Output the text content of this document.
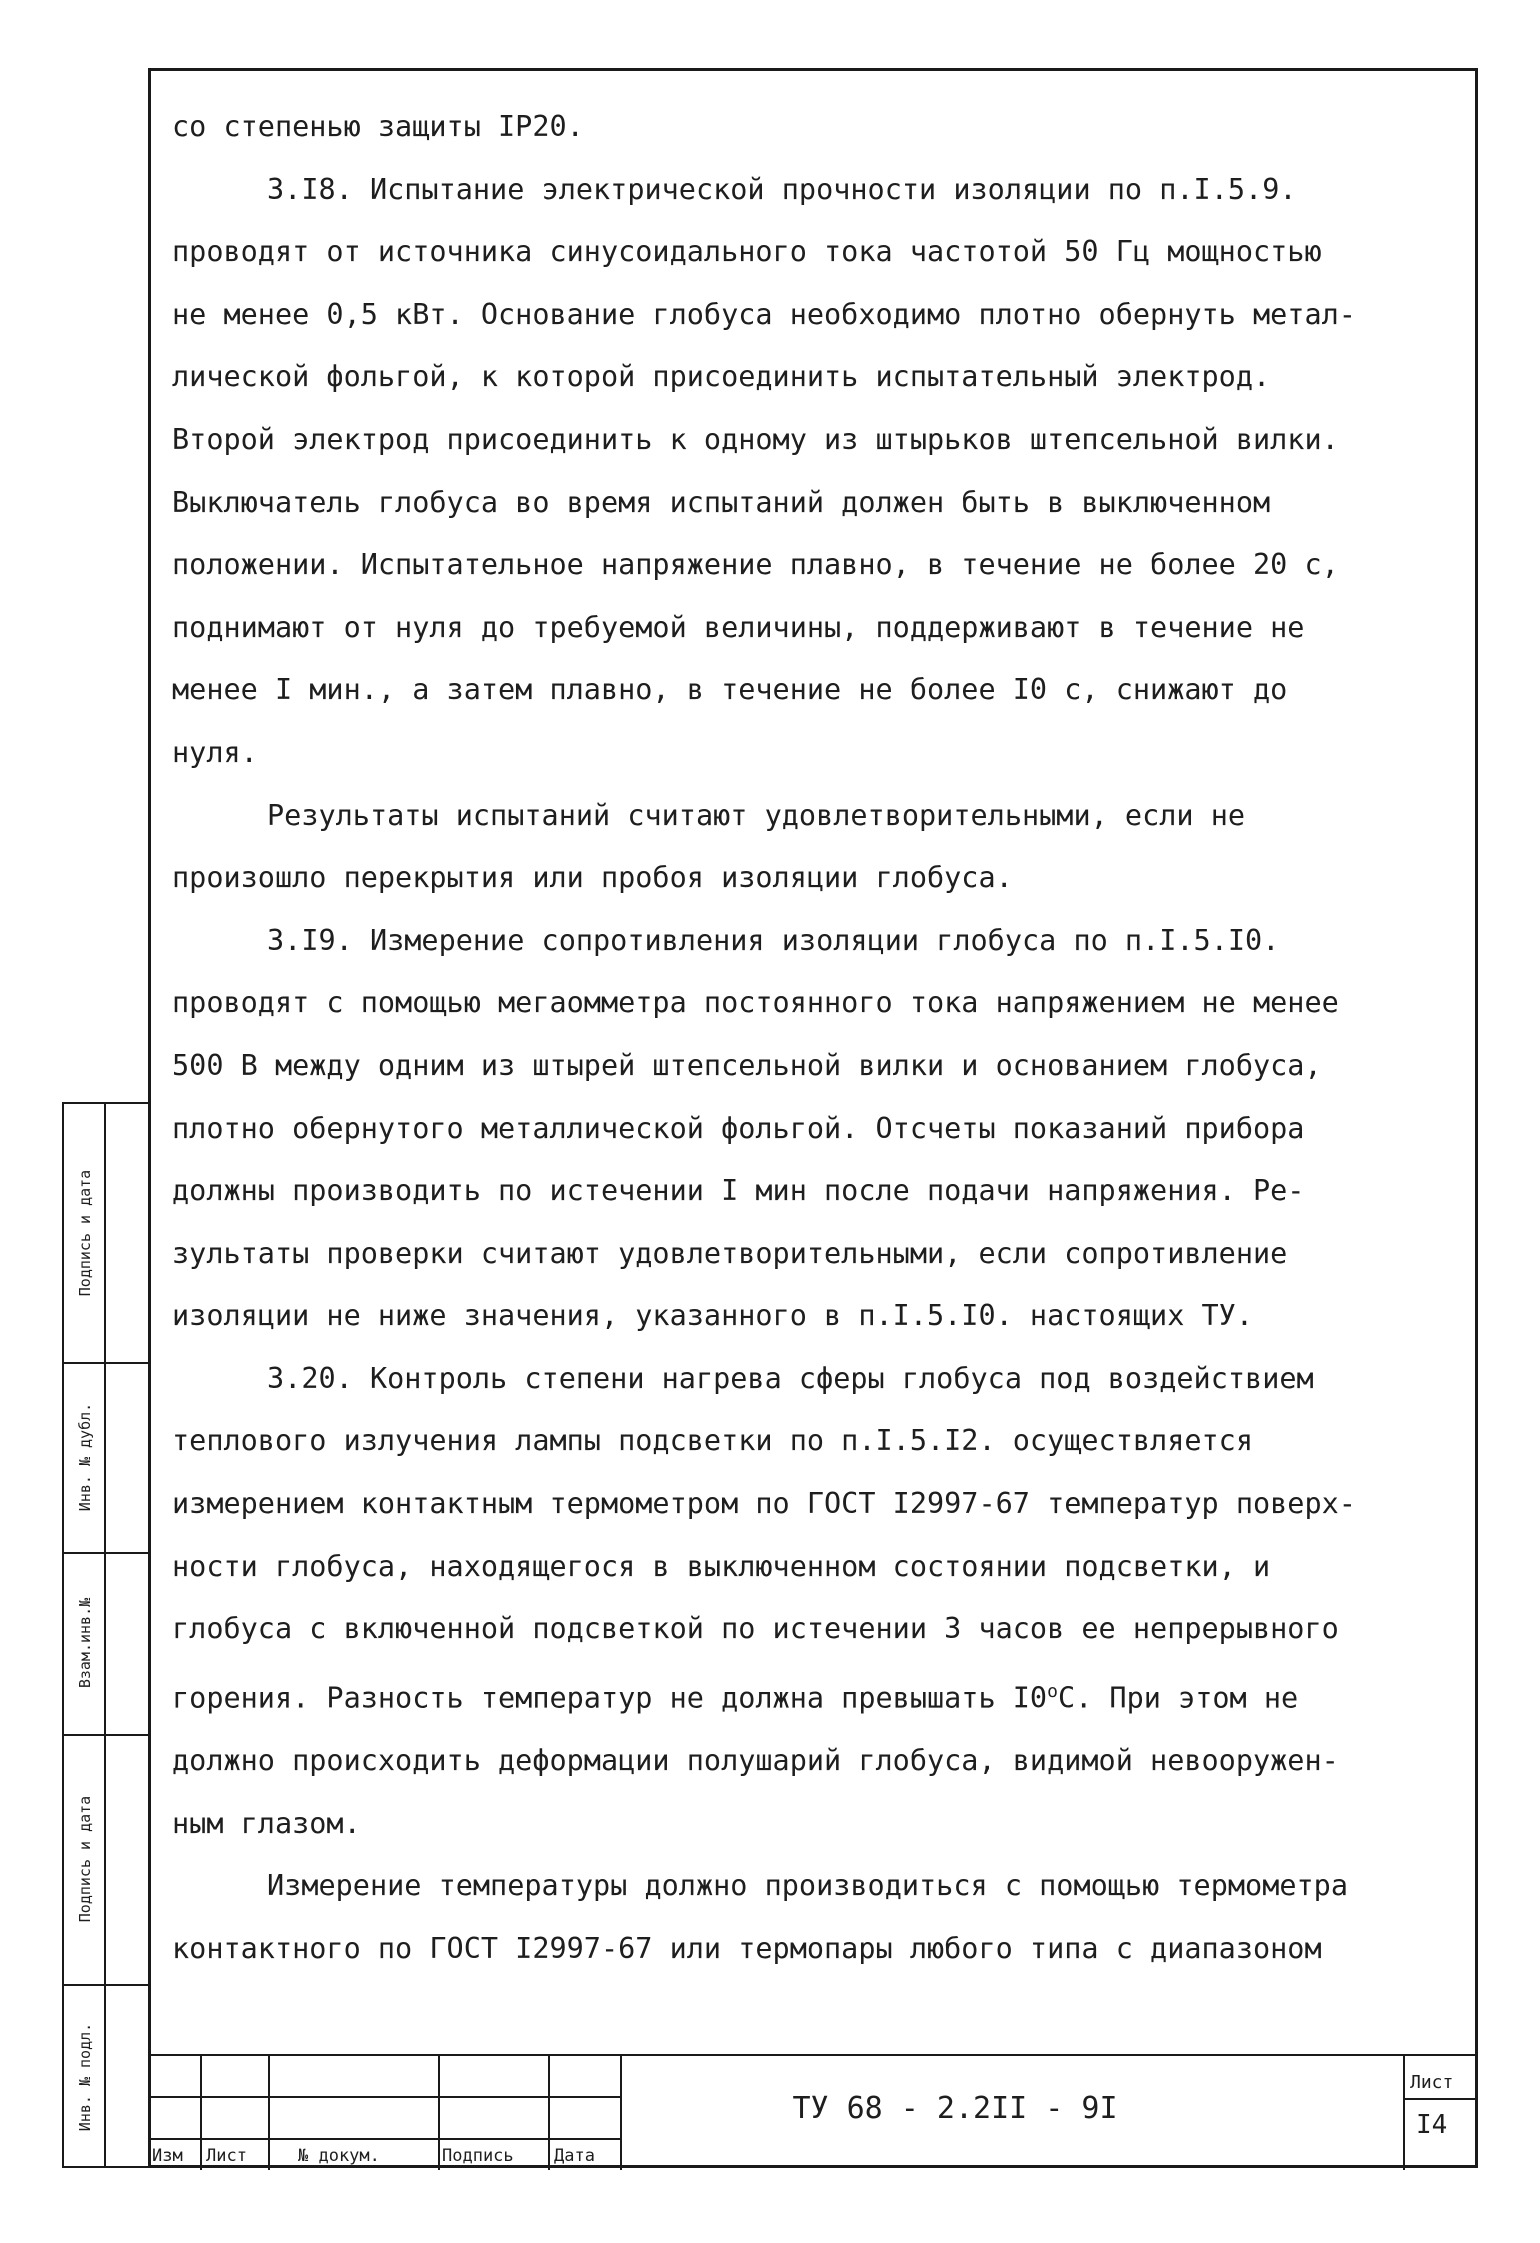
со степенью защиты IP20.
3.I8. Испытание электрической прочности изоляции по п.I.5.9.
проводят от источника синусоидального тока частотой 50 Гц мощностью
не менее 0,5 кВт. Основание глобуса необходимо плотно обернуть метал-
лической фольгой, к которой присоединить испытательный электрод.
Второй электрод присоединить к одному из штырьков штепсельной вилки.
Выключатель глобуса во время испытаний должен быть в выключенном
положении. Испытательное напряжение плавно, в течение не более 20 с,
поднимают от нуля до требуемой величины, поддерживают в течение не
менее I мин., а затем плавно, в течение не более I0 с, снижают до
нуля.
Результаты испытаний считают удовлетворительными, если не
произошло перекрытия или пробоя изоляции глобуса.
3.I9. Измерение сопротивления изоляции глобуса по п.I.5.I0.
проводят с помощью мегаомметра постоянного тока напряжением не менее
500 В между одним из штырей штепсельной вилки и основанием глобуса,
плотно обернутого металлической фольгой. Отсчеты показаний прибора
должны производить по истечении I мин после подачи напряжения. Ре-
зультаты проверки считают удовлетворительными, если сопротивление
изоляции не ниже значения, указанного в п.I.5.I0. настоящих ТУ.
3.20. Контроль степени нагрева сферы глобуса под воздействием
теплового излучения лампы подсветки по п.I.5.I2. осуществляется
измерением контактным термометром по ГОСТ I2997-67 температур поверх-
ности глобуса, находящегося в выключенном состоянии подсветки, и
глобуса с включенной подсветкой по истечении 3 часов ее непрерывного
горения. Разность температур не должна превышать $I0^оС$. При этом не
должно происходить деформации полушарий глобуса, видимой невооружен-
ным глазом.
Измерение температуры должно производиться с помощью термометра
контактного по ГОСТ I2997-67 или термопары любого типа с диапазоном
Подпись и дата
Инв. № дубл.
Взам.инв.№
Подпись и дата
Инв. № подл.
Изм Лист	№ докум.	Подпись Дата
Лист
I4
ТУ 68 - 2.2II - 9I
